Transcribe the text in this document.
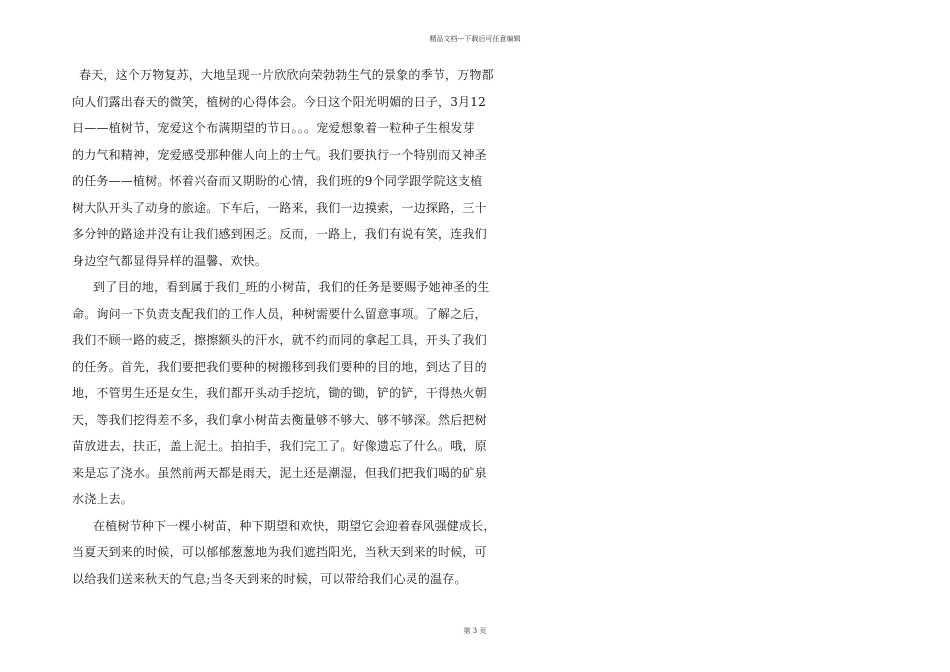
精品文档---下载后可任意编辑
春天，这个万物复苏，大地呈现一片欣欣向荣勃勃生气的景象的季节，万物都
向人们露出春天的微笑，植树的心得体会。今日这个阳光明媚的日子，3月12
日——植树节，宠爱这个布满期望的节日。。。宠爱想象着一粒种子生根发芽
的力气和精神，宠爱感受那种催人向上的士气。我们要执行一个特别而又神圣
的任务——植树。怀着兴奋而又期盼的心情，我们班的9个同学跟学院这支植
树大队开头了动身的旅途。下车后，一路来，我们一边摸索，一边探路，三十
多分钟的路途并没有让我们感到困乏。反而，一路上，我们有说有笑，连我们
身边空气都显得异样的温馨、欢快。
到了目的地，看到属于我们_班的小树苗，我们的任务是要赐予她神圣的生
命。询问一下负责支配我们的工作人员，种树需要什么留意事项。了解之后，
我们不顾一路的疲乏，擦擦额头的汗水，就不约而同的拿起工具，开头了我们
的任务。首先，我们要把我们要种的树搬移到我们要种的目的地，到达了目的
地，不管男生还是女生，我们都开头动手挖坑，锄的锄，铲的铲，干得热火朝
天，等我们挖得差不多，我们拿小树苗去衡量够不够大、够不够深。然后把树
苗放进去，扶正，盖上泥土。拍拍手，我们完工了。好像遗忘了什么。哦，原
来是忘了浇水。虽然前两天都是雨天，泥土还是潮湿，但我们把我们喝的矿泉
水浇上去。
在植树节种下一棵小树苗，种下期望和欢快，期望它会迎着春风强健成长，
当夏天到来的时候，可以郁郁葱葱地为我们遮挡阳光，当秋天到来的时候，可
以给我们送来秋天的气息;当冬天到来的时候，可以带给我们心灵的温存。
第 3 页
